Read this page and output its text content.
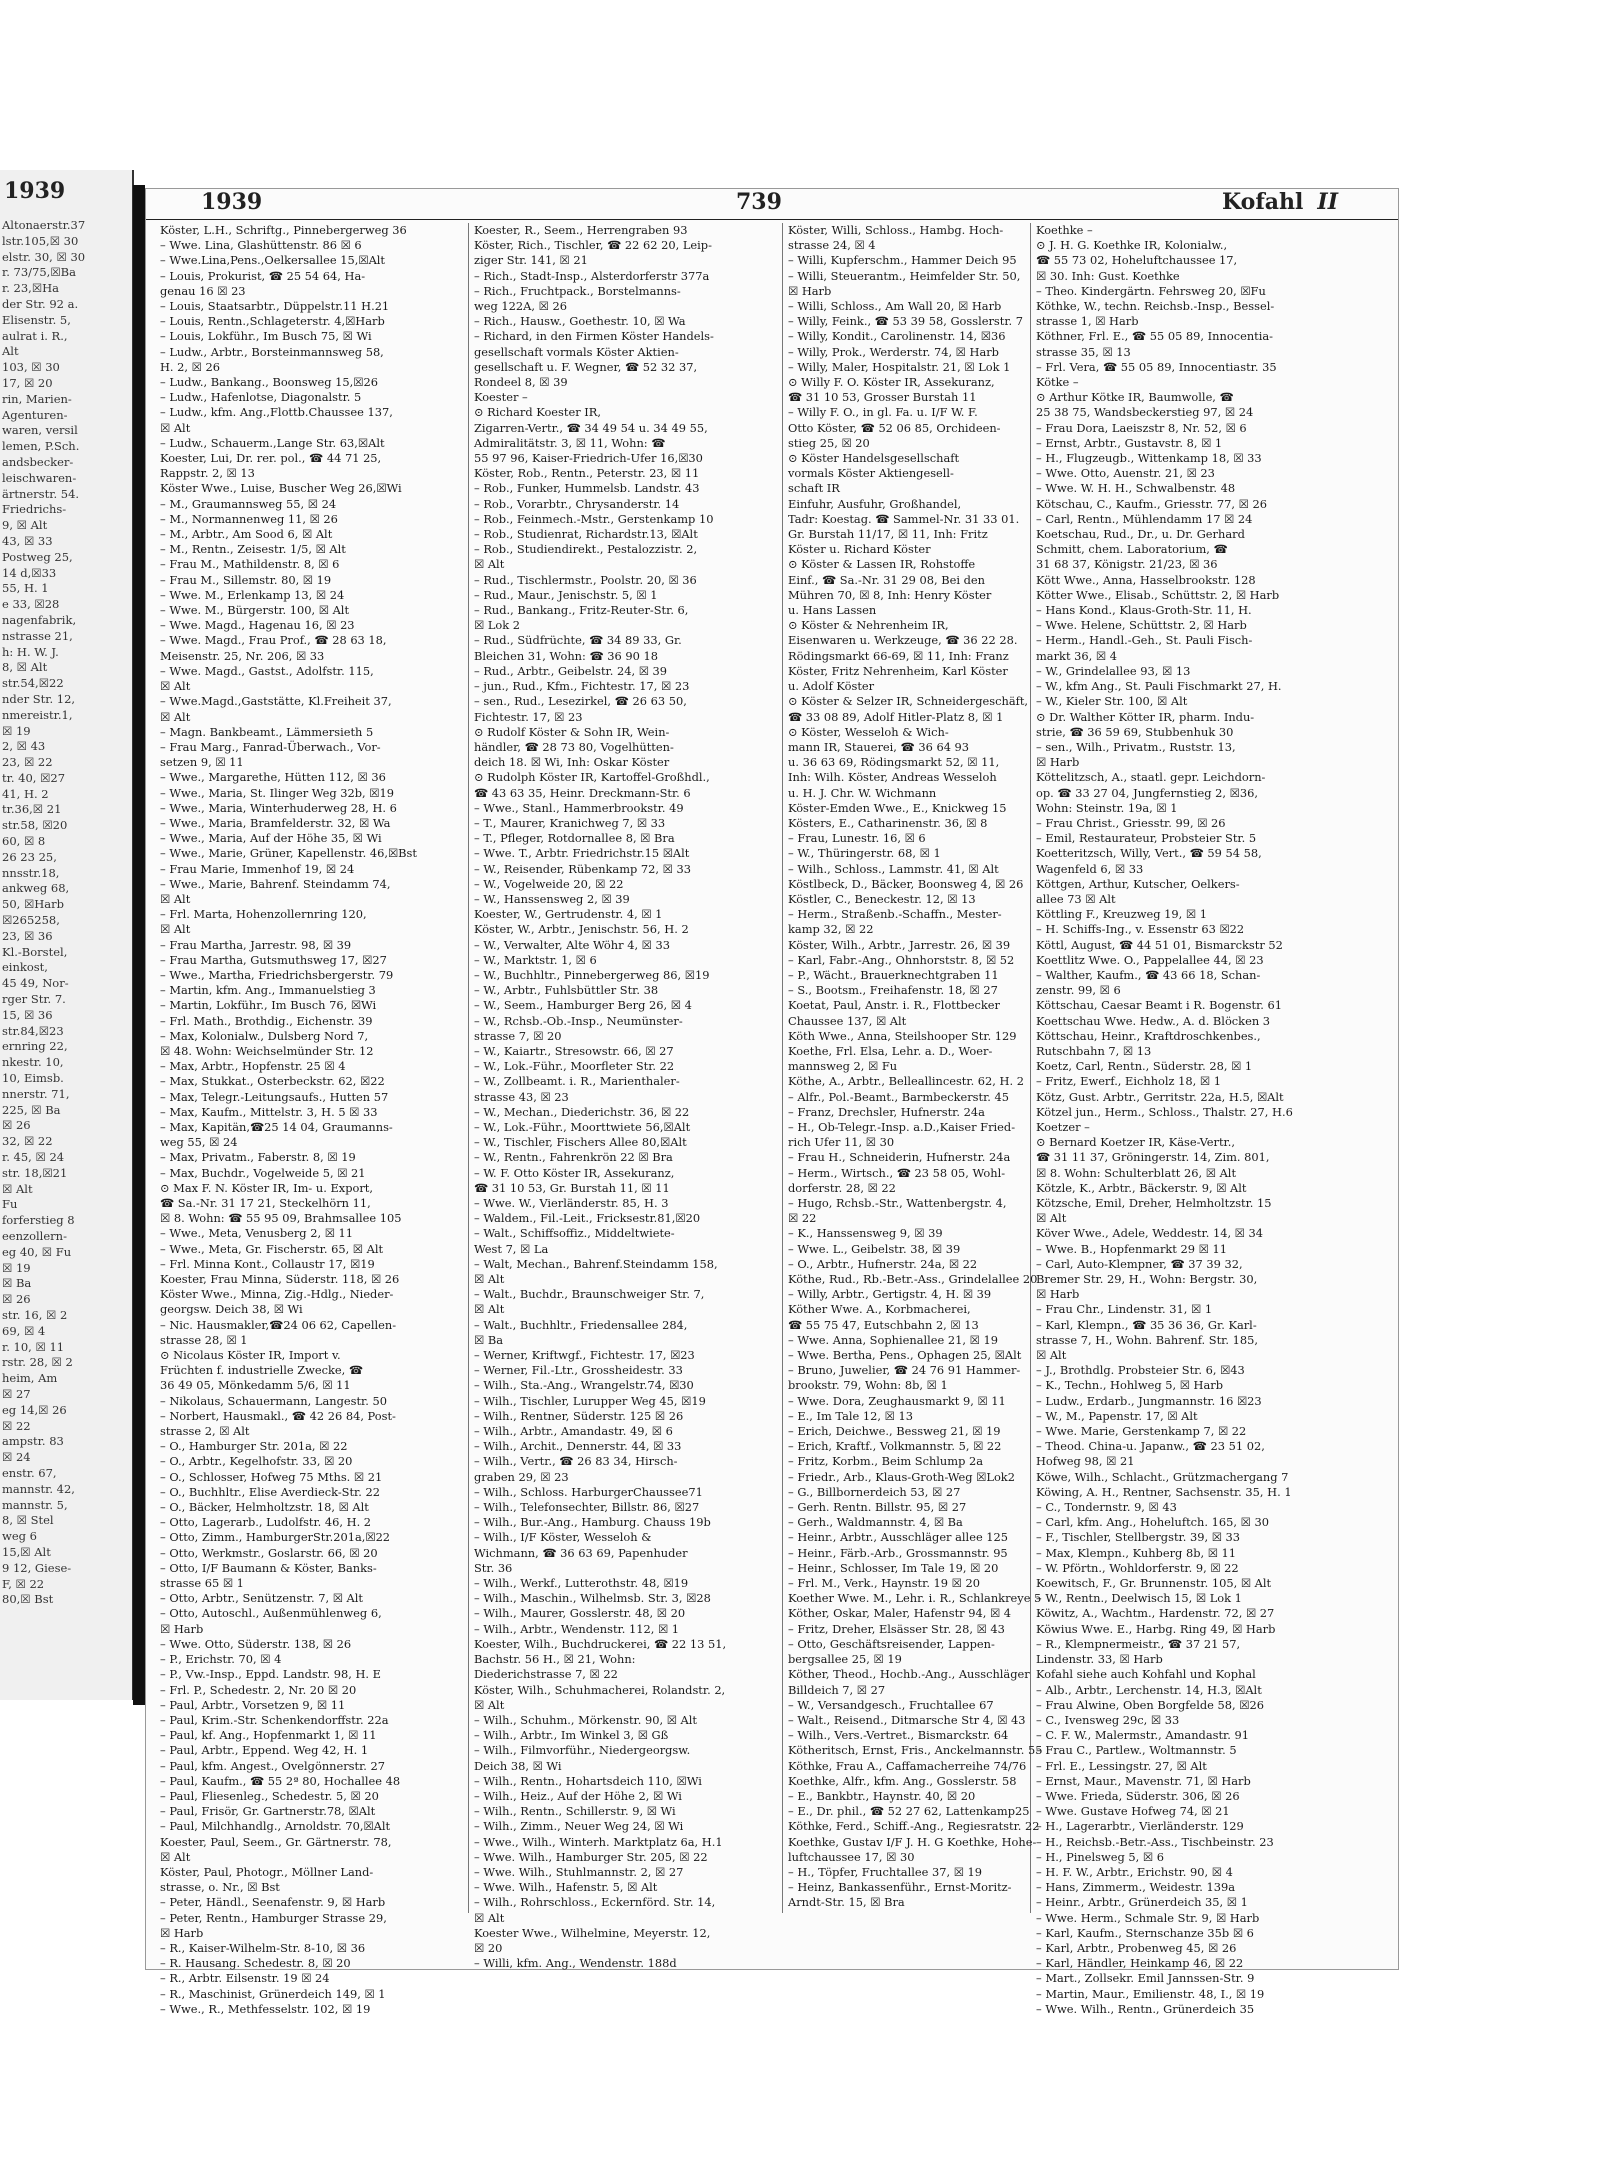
1939
Altonaerstr.37
lstr.105,☒ 30
elstr. 30, ☒ 30
r. 73/75,☒Ba
r. 23,☒Ha
der Str. 92 a.
Elisenstr. 5,
aulrat i. R.,
Alt
103, ☒ 30
17, ☒ 20
rin, Marien-
Agenturen-
waren, versil
lemen, P.Sch.
andsbecker-
leischwaren-
ärtnerstr. 54.
Friedrichs-
9, ☒ Alt
43, ☒ 33
Postweg 25,
14 d,☒33
55, H. 1
e 33, ☒28
nagenfabrik,
nstrasse 21,
h: H. W. J.
8, ☒ Alt
str.54,☒22
nder Str. 12,
nmereistr.1,
☒ 19
2, ☒ 43
23, ☒ 22
tr. 40, ☒27
41, H. 2
tr.36,☒ 21
str.58, ☒20
60, ☒ 8
26 23 25,
nnsstr.18,
ankweg 68,
50, ☒Harb
☒265258,
23, ☒ 36
Kl.-Borstel,
einkost,
45 49, Nor-
rger Str. 7.
15, ☒ 36
str.84,☒23
ernring 22,
nkestr. 10,
10, Eimsb.
nnerstr. 71,
225, ☒ Ba
☒ 26
32, ☒ 22
r. 45, ☒ 24
str. 18,☒21
☒ Alt
Fu
forferstieg 8
eenzollern-
eg 40, ☒ Fu
☒ 19
☒ Ba
☒ 26
str. 16, ☒ 2
69, ☒ 4
r. 10, ☒ 11
rstr. 28, ☒ 2
heim, Am
☒ 27
eg 14,☒ 26
☒ 22
ampstr. 83
☒ 24
enstr. 67,
mannstr. 42,
mannstr. 5,
8, ☒ Stel
weg 6
15,☒ Alt
9 12, Giese-
F, ☒ 22
80,☒ Bst
1939	739	Kofahl II
Köster, L.H., Schriftg., Pinnebergerweg 36
– Wwe. Lina, Glashüttenstr. 86 ☒ 6
– Wwe.Lina,Pens.,Oelkersallee 15,☒Alt
– Louis, Prokurist, ☎ 25 54 64, Ha-
genau 16 ☒ 23
– Louis, Staatsarbtr., Düppelstr.11 H.21
– Louis, Rentn.,Schlageterstr. 4,☒Harb
– Louis, Lokführ., Im Busch 75, ☒ Wi
– Ludw., Arbtr., Borsteinmannsweg 58,
H. 2, ☒ 26
– Ludw., Bankang., Boonsweg 15,☒26
– Ludw., Hafenlotse, Diagonalstr. 5
– Ludw., kfm. Ang.,Flottb.Chaussee 137,
☒ Alt
– Ludw., Schauerm.,Lange Str. 63,☒Alt
Koester, Lui, Dr. rer. pol., ☎ 44 71 25,
Rappstr. 2, ☒ 13
Köster Wwe., Luise, Buscher Weg 26,☒Wi
– M., Graumannsweg 55, ☒ 24
– M., Normannenweg 11, ☒ 26
– M., Arbtr., Am Sood 6, ☒ Alt
– M., Rentn., Zeisestr. 1/5, ☒ Alt
– Frau M., Mathildenstr. 8, ☒ 6
– Frau M., Sillemstr. 80, ☒ 19
– Wwe. M., Erlenkamp 13, ☒ 24
– Wwe. M., Bürgerstr. 100, ☒ Alt
– Wwe. Magd., Hagenau 16, ☒ 23
– Wwe. Magd., Frau Prof., ☎ 28 63 18,
Meisenstr. 25, Nr. 206, ☒ 33
– Wwe. Magd., Gastst., Adolfstr. 115,
☒ Alt
– Wwe.Magd.,Gaststätte, Kl.Freiheit 37,
☒ Alt
– Magn. Bankbeamt., Lämmersieth 5
– Frau Marg., Fanrad-Überwach., Vor-
setzen 9, ☒ 11
– Wwe., Margarethe, Hütten 112, ☒ 36
– Wwe., Maria, St. Ilinger Weg 32b, ☒19
– Wwe., Maria, Winterhuderweg 28, H. 6
– Wwe., Maria, Bramfelderstr. 32, ☒ Wa
– Wwe., Maria, Auf der Höhe 35, ☒ Wi
– Wwe., Marie, Grüner, Kapellenstr. 46,☒Bst
– Frau Marie, Immenhof 19, ☒ 24
– Wwe., Marie, Bahrenf. Steindamm 74,
☒ Alt
– Frl. Marta, Hohenzollernring 120,
☒ Alt
– Frau Martha, Jarrestr. 98, ☒ 39
– Frau Martha, Gutsmuthsweg 17, ☒27
– Wwe., Martha, Friedrichsbergerstr. 79
– Martin, kfm. Ang., Immanuelstieg 3
– Martin, Lokführ., Im Busch 76, ☒Wi
– Frl. Math., Brothdig., Eichenstr. 39
– Max, Kolonialw., Dulsberg Nord 7,
☒ 48. Wohn: Weichselmünder Str. 12
– Max, Arbtr., Hopfenstr. 25 ☒ 4
– Max, Stukkat., Osterbeckstr. 62, ☒22
– Max, Telegr.-Leitungsaufs., Hutten 57
– Max, Kaufm., Mittelstr. 3, H. 5 ☒ 33
– Max, Kapitän,☎25 14 04, Graumanns-
weg 55, ☒ 24
– Max, Privatm., Faberstr. 8, ☒ 19
– Max, Buchdr., Vogelweide 5, ☒ 21
⊙ Max F. N. Köster IR, Im- u. Export,
☎ Sa.-Nr. 31 17 21, Steckelhörn 11,
☒ 8. Wohn: ☎ 55 95 09, Brahmsallee 105
– Wwe., Meta, Venusberg 2, ☒ 11
– Wwe., Meta, Gr. Fischerstr. 65, ☒ Alt
– Frl. Minna Kont., Collaustr 17, ☒19
Koester, Frau Minna, Süderstr. 118, ☒ 26
Köster Wwe., Minna, Zig.-Hdlg., Nieder-
georgsw. Deich 38, ☒ Wi
– Nic. Hausmakler,☎24 06 62, Capellen-
strasse 28, ☒ 1
⊙ Nicolaus Köster IR, Import v.
Früchten f. industrielle Zwecke, ☎
36 49 05, Mönkedamm 5/6, ☒ 11
– Nikolaus, Schauermann, Langestr. 50
– Norbert, Hausmakl., ☎ 42 26 84, Post-
strasse 2, ☒ Alt
– O., Hamburger Str. 201a, ☒ 22
– O., Arbtr., Kegelhofstr. 33, ☒ 20
– O., Schlosser, Hofweg 75 Mths. ☒ 21
– O., Buchhltr., Elise Averdieck-Str. 22
– O., Bäcker, Helmholtzstr. 18, ☒ Alt
– Otto, Lagerarb., Ludolfstr. 46, H. 2
– Otto, Zimm., HamburgerStr.201a,☒22
– Otto, Werkmstr., Goslarstr. 66, ☒ 20
– Otto, I/F Baumann & Köster, Banks-
strasse 65 ☒ 1
– Otto, Arbtr., Senützenstr. 7, ☒ Alt
– Otto, Autoschl., Außenmühlenweg 6,
☒ Harb
– Wwe. Otto, Süderstr. 138, ☒ 26
– P., Erichstr. 70, ☒ 4
– P., Vw.-Insp., Eppd. Landstr. 98, H. E
– Frl. P., Schedestr. 2, Nr. 20 ☒ 20
– Paul, Arbtr., Vorsetzen 9, ☒ 11
– Paul, Krim.-Str. Schenkendorffstr. 22a
– Paul, kf. Ang., Hopfenmarkt 1, ☒ 11
– Paul, Arbtr., Eppend. Weg 42, H. 1
– Paul, kfm. Angest., Ovelgönnerstr. 27
– Paul, Kaufm., ☎ 55 2ª 80, Hochallee 48
– Paul, Fliesenleg., Schedestr. 5, ☒ 20
– Paul, Frisör, Gr. Gartnerstr.78, ☒Alt
– Paul, Milchhandlg., Arnoldstr. 70,☒Alt
Koester, Paul, Seem., Gr. Gärtnerstr. 78,
☒ Alt
Köster, Paul, Photogr., Möllner Land-
strasse, o. Nr., ☒ Bst
– Peter, Händl., Seenafenstr. 9, ☒ Harb
– Peter, Rentn., Hamburger Strasse 29,
☒ Harb
– R., Kaiser-Wilhelm-Str. 8-10, ☒ 36
– R. Hausang. Schedestr. 8, ☒ 20
– R., Arbtr. Eilsenstr. 19 ☒ 24
– R., Maschinist, Grünerdeich 149, ☒ 1
– Wwe., R., Methfesselstr. 102, ☒ 19
Koester, R., Seem., Herrengraben 93
Köster, Rich., Tischler, ☎ 22 62 20, Leip-
ziger Str. 141, ☒ 21
– Rich., Stadt-Insp., Alsterdorferstr 377a
– Rich., Fruchtpack., Borstelmanns-
weg 122A, ☒ 26
– Rich., Hausw., Goethestr. 10, ☒ Wa
– Richard, in den Firmen Köster Handels-
gesellschaft vormals Köster Aktien-
gesellschaft u. F. Wegner, ☎ 52 32 37,
Rondeel 8, ☒ 39
Koester –
⊙ Richard Koester IR,
Zigarren-Vertr., ☎ 34 49 54 u. 34 49 55,
Admiralitätstr. 3, ☒ 11, Wohn: ☎
55 97 96, Kaiser-Friedrich-Ufer 16,☒30
Köster, Rob., Rentn., Peterstr. 23, ☒ 11
– Rob., Funker, Hummelsb. Landstr. 43
– Rob., Vorarbtr., Chrysanderstr. 14
– Rob., Feinmech.-Mstr., Gerstenkamp 10
– Rob., Studienrat, Richardstr.13, ☒Alt
– Rob., Studiendirekt., Pestalozzistr. 2,
☒ Alt
– Rud., Tischlermstr., Poolstr. 20, ☒ 36
– Rud., Maur., Jenischstr. 5, ☒ 1
– Rud., Bankang., Fritz-Reuter-Str. 6,
☒ Lok 2
– Rud., Südfrüchte, ☎ 34 89 33, Gr.
Bleichen 31, Wohn: ☎ 36 90 18
– Rud., Arbtr., Geibelstr. 24, ☒ 39
– jun., Rud., Kfm., Fichtestr. 17, ☒ 23
– sen., Rud., Lesezirkel, ☎ 26 63 50,
Fichtestr. 17, ☒ 23
⊙ Rudolf Köster & Sohn IR, Wein-
händler, ☎ 28 73 80, Vogelhütten-
deich 18. ☒ Wi, Inh: Oskar Köster
⊙ Rudolph Köster IR, Kartoffel-Großhdl.,
☎ 43 63 35, Heinr. Dreckmann-Str. 6
– Wwe., Stanl., Hammerbrookstr. 49
– T., Maurer, Kranichweg 7, ☒ 33
– T., Pfleger, Rotdornallee 8, ☒ Bra
– Wwe. T., Arbtr. Friedrichstr.15 ☒Alt
– W., Reisender, Rübenkamp 72, ☒ 33
– W., Vogelweide 20, ☒ 22
– W., Hanssensweg 2, ☒ 39
Koester, W., Gertrudenstr. 4, ☒ 1
Köster, W., Arbtr., Jenischstr. 56, H. 2
– W., Verwalter, Alte Wöhr 4, ☒ 33
– W., Marktstr. 1, ☒ 6
– W., Buchhltr., Pinnebergerweg 86, ☒19
– W., Arbtr., Fuhlsbüttler Str. 38
– W., Seem., Hamburger Berg 26, ☒ 4
– W., Rchsb.-Ob.-Insp., Neumünster-
strasse 7, ☒ 20
– W., Kaiartr., Stresowstr. 66, ☒ 27
– W., Lok.-Führ., Moorfleter Str. 22
– W., Zollbeamt. i. R., Marienthaler-
strasse 43, ☒ 23
– W., Mechan., Diederichstr. 36, ☒ 22
– W., Lok.-Führ., Moorttwiete 56,☒Alt
– W., Tischler, Fischers Allee 80,☒Alt
– W., Rentn., Fahrenkrön 22 ☒ Bra
– W. F. Otto Köster IR, Assekuranz,
☎ 31 10 53, Gr. Burstah 11, ☒ 11
– Wwe. W., Vierländerstr. 85, H. 3
– Waldem., Fil.-Leit., Fricksestr.81,☒20
– Walt., Schiffsoffiz., Middeltwiete-
West 7, ☒ La
– Walt, Mechan., Bahrenf.Steindamm 158,
☒ Alt
– Walt., Buchdr., Braunschweiger Str. 7,
☒ Alt
– Walt., Buchhltr., Friedensallee 284,
☒ Ba
– Werner, Kriftwgf., Fichtestr. 17, ☒23
– Werner, Fil.-Ltr., Grossheidestr. 33
– Wilh., Sta.-Ang., Wrangelstr.74, ☒30
– Wilh., Tischler, Lurupper Weg 45, ☒19
– Wilh., Rentner, Süderstr. 125 ☒ 26
– Wilh., Arbtr., Amandastr. 49, ☒ 6
– Wilh., Archit., Dennerstr. 44, ☒ 33
– Wilh., Vertr., ☎ 26 83 34, Hirsch-
graben 29, ☒ 23
– Wilh., Schloss. HarburgerChaussee71
– Wilh., Telefonsechter, Billstr. 86, ☒27
– Wilh., Bur.-Ang., Hamburg. Chauss 19b
– Wilh., I/F Köster, Wesseloh &
Wichmann, ☎ 36 63 69, Papenhuder
Str. 36
– Wilh., Werkf., Lutterothstr. 48, ☒19
– Wilh., Maschin., Wilhelmsb. Str. 3, ☒28
– Wilh., Maurer, Gosslerstr. 48, ☒ 20
– Wilh., Arbtr., Wendenstr. 112, ☒ 1
Koester, Wilh., Buchdruckerei, ☎ 22 13 51,
Bachstr. 56 H., ☒ 21, Wohn:
Diederichstrasse 7, ☒ 22
Köster, Wilh., Schuhmacherei, Rolandstr. 2,
☒ Alt
– Wilh., Schuhm., Mörkenstr. 90, ☒ Alt
– Wilh., Arbtr., Im Winkel 3, ☒ Gß
– Wilh., Filmvorführ., Niedergeorgsw.
Deich 38, ☒ Wi
– Wilh., Rentn., Hohartsdeich 110, ☒Wi
– Wilh., Heiz., Auf der Höhe 2, ☒ Wi
– Wilh., Rentn., Schillerstr. 9, ☒ Wi
– Wilh., Zimm., Neuer Weg 24, ☒ Wi
– Wwe., Wilh., Winterh. Marktplatz 6a, H.1
– Wwe. Wilh., Hamburger Str. 205, ☒ 22
– Wwe. Wilh., Stuhlmannstr. 2, ☒ 27
– Wwe. Wilh., Hafenstr. 5, ☒ Alt
– Wilh., Rohrschloss., Eckernförd. Str. 14,
☒ Alt
Koester Wwe., Wilhelmine, Meyerstr. 12,
☒ 20
– Willi, kfm. Ang., Wendenstr. 188d
Köster, Willi, Schloss., Hambg. Hoch-
strasse 24, ☒ 4
– Willi, Kupferschm., Hammer Deich 95
– Willi, Steuerantm., Heimfelder Str. 50,
☒ Harb
– Willi, Schloss., Am Wall 20, ☒ Harb
– Willy, Feink., ☎ 53 39 58, Gosslerstr. 7
– Willy, Kondit., Carolinenstr. 14, ☒36
– Willy, Prok., Werderstr. 74, ☒ Harb
– Willy, Maler, Hospitalstr. 21, ☒ Lok 1
⊙ Willy F. O. Köster IR, Assekuranz,
☎ 31 10 53, Grosser Burstah 11
– Willy F. O., in gl. Fa. u. I/F W. F.
Otto Köster, ☎ 52 06 85, Orchideen-
stieg 25, ☒ 20
⊙ Köster Handelsgesellschaft
vormals Köster Aktiengesell-
schaft IR
Einfuhr, Ausfuhr, Großhandel,
Tadr: Koestag. ☎ Sammel-Nr. 31 33 01.
Gr. Burstah 11/17, ☒ 11, Inh: Fritz
Köster u. Richard Köster
⊙ Köster & Lassen IR, Rohstoffe
Einf., ☎ Sa.-Nr. 31 29 08, Bei den
Mühren 70, ☒ 8, Inh: Henry Köster
u. Hans Lassen
⊙ Köster & Nehrenheim IR,
Eisenwaren u. Werkzeuge, ☎ 36 22 28.
Rödingsmarkt 66-69, ☒ 11, Inh: Franz
Köster, Fritz Nehrenheim, Karl Köster
u. Adolf Köster
⊙ Köster & Selzer IR, Schneidergeschäft,
☎ 33 08 89, Adolf Hitler-Platz 8, ☒ 1
⊙ Köster, Wesseloh & Wich-
mann IR, Stauerei, ☎ 36 64 93
u. 36 63 69, Rödingsmarkt 52, ☒ 11,
Inh: Wilh. Köster, Andreas Wesseloh
u. H. J. Chr. W. Wichmann
Köster-Emden Wwe., E., Knickweg 15
Kösters, E., Catharinenstr. 36, ☒ 8
– Frau, Lunestr. 16, ☒ 6
– W., Thüringerstr. 68, ☒ 1
– Wilh., Schloss., Lammstr. 41, ☒ Alt
Köstlbeck, D., Bäcker, Boonsweg 4, ☒ 26
Köstler, C., Beneckestr. 12, ☒ 13
– Herm., Straßenb.-Schaffn., Mester-
kamp 32, ☒ 22
Köster, Wilh., Arbtr., Jarrestr. 26, ☒ 39
– Karl, Fabr.-Ang., Ohnhorststr. 8, ☒ 52
– P., Wächt., Brauerknechtgraben 11
– S., Bootsm., Freihafenstr. 18, ☒ 27
Koetat, Paul, Anstr. i. R., Flottbecker
Chaussee 137, ☒ Alt
Köth Wwe., Anna, Steilshooper Str. 129
Koethe, Frl. Elsa, Lehr. a. D., Woer-
mannsweg 2, ☒ Fu
Köthe, A., Arbtr., Belleallincestr. 62, H. 2
– Alfr., Pol.-Beamt., Barmbeckerstr. 45
– Franz, Drechsler, Hufnerstr. 24a
– H., Ob-Telegr.-Insp. a.D.,Kaiser Fried-
rich Ufer 11, ☒ 30
– Frau H., Schneiderin, Hufnerstr. 24a
– Herm., Wirtsch., ☎ 23 58 05, Wohl-
dorferstr. 28, ☒ 22
– Hugo, Rchsb.-Str., Wattenbergstr. 4,
☒ 22
– K., Hanssensweg 9, ☒ 39
– Wwe. L., Geibelstr. 38, ☒ 39
– O., Arbtr., Hufnerstr. 24a, ☒ 22
Köthe, Rud., Rb.-Betr.-Ass., Grindelallee 20
– Willy, Arbtr., Gertigstr. 4, H. ☒ 39
Köther Wwe. A., Korbmacherei,
☎ 55 75 47, Eutschbahn 2, ☒ 13
– Wwe. Anna, Sophienallee 21, ☒ 19
– Wwe. Bertha, Pens., Ophagen 25, ☒Alt
– Bruno, Juwelier, ☎ 24 76 91 Hammer-
brookstr. 79, Wohn: 8b, ☒ 1
– Wwe. Dora, Zeughausmarkt 9, ☒ 11
– E., Im Tale 12, ☒ 13
– Erich, Deichwe., Bessweg 21, ☒ 19
– Erich, Kraftf., Volkmannstr. 5, ☒ 22
– Fritz, Korbm., Beim Schlump 2a
– Friedr., Arb., Klaus-Groth-Weg ☒Lok2
– G., Billbornerdeich 53, ☒ 27
– Gerh. Rentn. Billstr. 95, ☒ 27
– Gerh., Waldmannstr. 4, ☒ Ba
– Heinr., Arbtr., Ausschläger allee 125
– Heinr., Färb.-Arb., Grossmannstr. 95
– Heinr., Schlosser, Im Tale 19, ☒ 20
– Frl. M., Verk., Haynstr. 19 ☒ 20
Koether Wwe. M., Lehr. i. R., Schlankreye 5
Köther, Oskar, Maler, Hafenstr 94, ☒ 4
– Fritz, Dreher, Elsässer Str. 28, ☒ 43
– Otto, Geschäftsreisender, Lappen-
bergsallee 25, ☒ 19
Köther, Theod., Hochb.-Ang., Ausschläger
Billdeich 7, ☒ 27
– W., Versandgesch., Fruchtallee 67
– Walt., Reisend., Ditmarsche Str 4, ☒ 43
– Wilh., Vers.-Vertret., Bismarckstr. 64
Kötheritsch, Ernst, Fris., Anckelmannstr. 55
Köthke, Frau A., Caffamacherreihe 74/76
Koethke, Alfr., kfm. Ang., Gosslerstr. 58
– E., Bankbtr., Haynstr. 40, ☒ 20
– E., Dr. phil., ☎ 52 27 62, Lattenkamp25
Köthke, Ferd., Schiff.-Ang., Regiesratstr. 22
Koethke, Gustav I/F J. H. G Koethke, Hohe-
luftchaussee 17, ☒ 30
– H., Töpfer, Fruchtallee 37, ☒ 19
– Heinz, Bankassenführ., Ernst-Moritz-
Arndt-Str. 15, ☒ Bra
Koethke –
⊙ J. H. G. Koethke IR, Kolonialw.,
☎ 55 73 02, Hoheluftchaussee 17,
☒ 30. Inh: Gust. Koethke
– Theo. Kindergärtn. Fehrsweg 20, ☒Fu
Köthke, W., techn. Reichsb.-Insp., Bessel-
strasse 1, ☒ Harb
Köthner, Frl. E., ☎ 55 05 89, Innocentia-
strasse 35, ☒ 13
– Frl. Vera, ☎ 55 05 89, Innocentiastr. 35
Kötke –
⊙ Arthur Kötke IR, Baumwolle, ☎
25 38 75, Wandsbeckerstieg 97, ☒ 24
– Frau Dora, Laeiszstr 8, Nr. 52, ☒ 6
– Ernst, Arbtr., Gustavstr. 8, ☒ 1
– H., Flugzeugb., Wittenkamp 18, ☒ 33
– Wwe. Otto, Auenstr. 21, ☒ 23
– Wwe. W. H. H., Schwalbenstr. 48
Kötschau, C., Kaufm., Griesstr. 77, ☒ 26
– Carl, Rentn., Mühlendamm 17 ☒ 24
Koetschau, Rud., Dr., u. Dr. Gerhard
Schmitt, chem. Laboratorium, ☎
31 68 37, Königstr. 21/23, ☒ 36
Kött Wwe., Anna, Hasselbrookstr. 128
Kötter Wwe., Elisab., Schüttstr. 2, ☒ Harb
– Hans Kond., Klaus-Groth-Str. 11, H.
– Wwe. Helene, Schüttstr. 2, ☒ Harb
– Herm., Handl.-Geh., St. Pauli Fisch-
markt 36, ☒ 4
– W., Grindelallee 93, ☒ 13
– W., kfm Ang., St. Pauli Fischmarkt 27, H.
– W., Kieler Str. 100, ☒ Alt
⊙ Dr. Walther Kötter IR, pharm. Indu-
strie, ☎ 36 59 69, Stubbenhuk 30
– sen., Wilh., Privatm., Ruststr. 13,
☒ Harb
Köttelitzsch, A., staatl. gepr. Leichdorn-
op. ☎ 33 27 04, Jungfernstieg 2, ☒36,
Wohn: Steinstr. 19a, ☒ 1
– Frau Christ., Griesstr. 99, ☒ 26
– Emil, Restaurateur, Probsteier Str. 5
Koetteritzsch, Willy, Vert., ☎ 59 54 58,
Wagenfeld 6, ☒ 33
Köttgen, Arthur, Kutscher, Oelkers-
allee 73 ☒ Alt
Köttling F., Kreuzweg 19, ☒ 1
– H. Schiffs-Ing., v. Essenstr 63 ☒22
Köttl, August, ☎ 44 51 01, Bismarckstr 52
Koettlitz Wwe. O., Pappelallee 44, ☒ 23
– Walther, Kaufm., ☎ 43 66 18, Schan-
zenstr. 99, ☒ 6
Köttschau, Caesar Beamt i R. Bogenstr. 61
Koettschau Wwe. Hedw., A. d. Blöcken 3
Köttschau, Heinr., Kraftdroschkenbes.,
Rutschbahn 7, ☒ 13
Koetz, Carl, Rentn., Süderstr. 28, ☒ 1
– Fritz, Ewerf., Eichholz 18, ☒ 1
Kötz, Gust. Arbtr., Gerritstr. 22a, H.5, ☒Alt
Kötzel jun., Herm., Schloss., Thalstr. 27, H.6
Koetzer –
⊙ Bernard Koetzer IR, Käse-Vertr.,
☎ 31 11 37, Gröningerstr. 14, Zim. 801,
☒ 8. Wohn: Schulterblatt 26, ☒ Alt
Kötzle, K., Arbtr., Bäckerstr. 9, ☒ Alt
Kötzsche, Emil, Dreher, Helmholtzstr. 15
☒ Alt
Köver Wwe., Adele, Weddestr. 14, ☒ 34
– Wwe. B., Hopfenmarkt 29 ☒ 11
– Carl, Auto-Klempner, ☎ 37 39 32,
Bremer Str. 29, H., Wohn: Bergstr. 30,
☒ Harb
– Frau Chr., Lindenstr. 31, ☒ 1
– Karl, Klempn., ☎ 35 36 36, Gr. Karl-
strasse 7, H., Wohn. Bahrenf. Str. 185,
☒ Alt
– J., Brothdlg. Probsteier Str. 6, ☒43
– K., Techn., Hohlweg 5, ☒ Harb
– Ludw., Erdarb., Jungmannstr. 16 ☒23
– W., M., Papenstr. 17, ☒ Alt
– Wwe. Marie, Gerstenkamp 7, ☒ 22
– Theod. China-u. Japanw., ☎ 23 51 02,
Hofweg 98, ☒ 21
Köwe, Wilh., Schlacht., Grützmachergang 7
Köwing, A. H., Rentner, Sachsenstr. 35, H. 1
– C., Tondernstr. 9, ☒ 43
– Carl, kfm. Ang., Hoheluftch. 165, ☒ 30
– F., Tischler, Stellbergstr. 39, ☒ 33
– Max, Klempn., Kuhberg 8b, ☒ 11
– W. Pförtn., Wohldorferstr. 9, ☒ 22
Koewitsch, F., Gr. Brunnenstr. 105, ☒ Alt
– W., Rentn., Deelwisch 15, ☒ Lok 1
Köwitz, A., Wachtm., Hardenstr. 72, ☒ 27
Köwius Wwe. E., Harbg. Ring 49, ☒ Harb
– R., Klempnermeistr., ☎ 37 21 57,
Lindenstr. 33, ☒ Harb
Kofahl siehe auch Kohfahl und Kophal
– Alb., Arbtr., Lerchenstr. 14, H.3, ☒Alt
– Frau Alwine, Oben Borgfelde 58, ☒26
– C., Ivensweg 29c, ☒ 33
– C. F. W., Malermstr., Amandastr. 91
– Frau C., Partlew., Woltmannstr. 5
– Frl. E., Lessingstr. 27, ☒ Alt
– Ernst, Maur., Mavenstr. 71, ☒ Harb
– Wwe. Frieda, Süderstr. 306, ☒ 26
– Wwe. Gustave Hofweg 74, ☒ 21
– H., Lagerarbtr., Vierländerstr. 129
– H., Reichsb.-Betr.-Ass., Tischbeinstr. 23
– H., Pinelsweg 5, ☒ 6
– H. F. W., Arbtr., Erichstr. 90, ☒ 4
– Hans, Zimmerm., Weidestr. 139a
– Heinr., Arbtr., Grünerdeich 35, ☒ 1
– Wwe. Herm., Schmale Str. 9, ☒ Harb
– Karl, Kaufm., Sternschanze 35b ☒ 6
– Karl, Arbtr., Probenweg 45, ☒ 26
– Karl, Händler, Heinkamp 46, ☒ 22
– Mart., Zollsekr. Emil Jannssen-Str. 9
– Martin, Maur., Emilienstr. 48, I., ☒ 19
– Wwe. Wilh., Rentn., Grünerdeich 35
